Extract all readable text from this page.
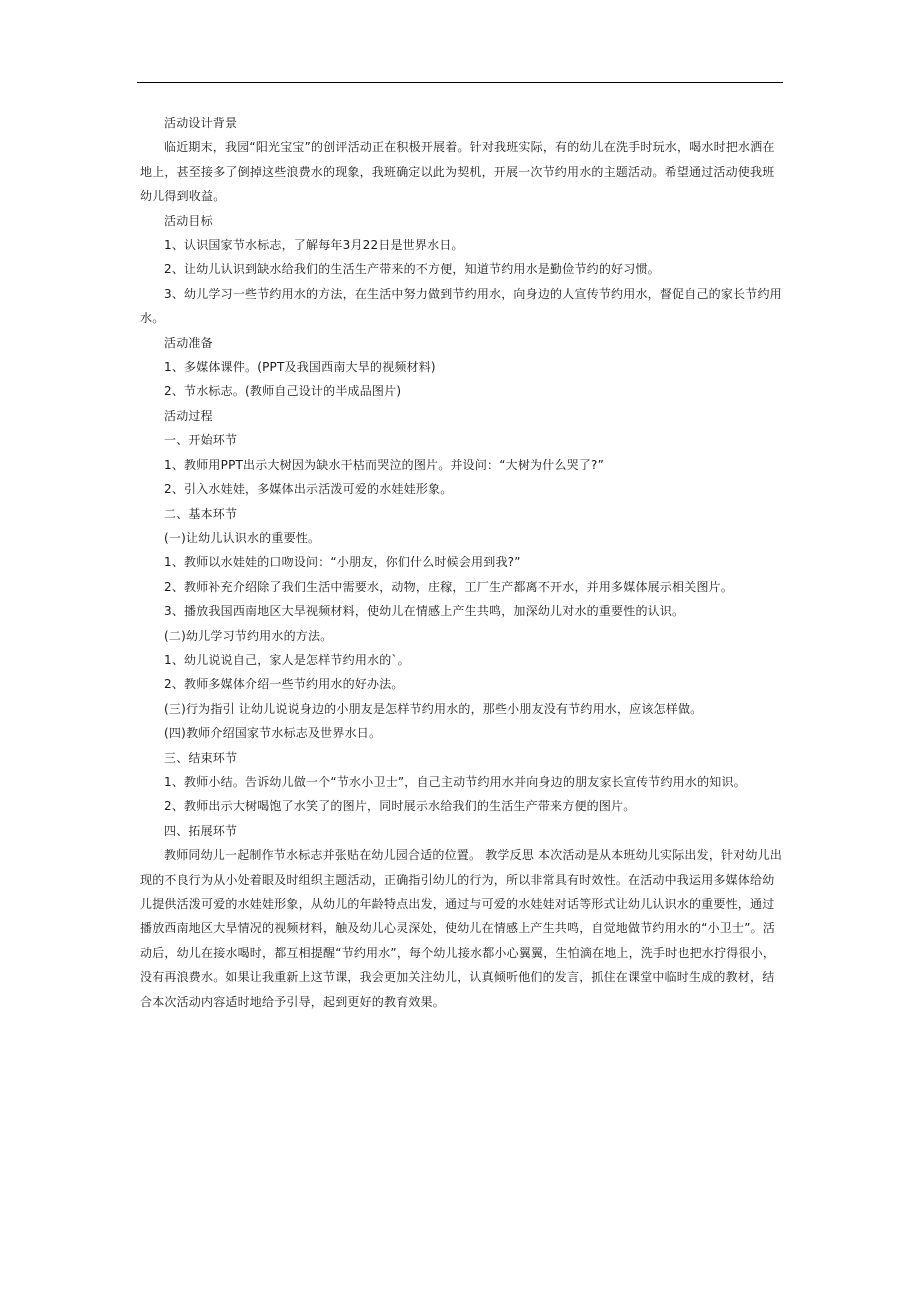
活动设计背景

临近期末，我园“阳光宝宝”的创评活动正在积极开展着。针对我班实际，有的幼儿在洗手时玩水，喝水时把水洒在地上，甚至接多了倒掉这些浪费水的现象，我班确定以此为契机，开展一次节约用水的主题活动。希望通过活动使我班幼儿得到收益。

活动目标

1、认识国家节水标志，了解每年3月22日是世界水日。

2、让幼儿认识到缺水给我们的生活生产带来的不方便，知道节约用水是勤俭节约的好习惯。

3、幼儿学习一些节约用水的方法，在生活中努力做到节约用水，向身边的人宣传节约用水，督促自己的家长节约用水。

活动准备

1、多媒体课件。(PPT及我国西南大旱的视频材料)

2、节水标志。(教师自己设计的半成品图片)

活动过程

一、开始环节

1、教师用PPT出示大树因为缺水干枯而哭泣的图片。并设问：“大树为什么哭了?”

2、引入水娃娃，多媒体出示活泼可爱的水娃娃形象。

二、基本环节

(一)让幼儿认识水的重要性。

1、教师以水娃娃的口吻设问：“小朋友，你们什么时候会用到我?”

2、教师补充介绍除了我们生活中需要水，动物，庄稼，工厂生产都离不开水，并用多媒体展示相关图片。

3、播放我国西南地区大旱视频材料，使幼儿在情感上产生共鸣，加深幼儿对水的重要性的认识。

(二)幼儿学习节约用水的方法。

1、幼儿说说自己，家人是怎样节约用水的`。

2、教师多媒体介绍一些节约用水的好办法。

(三)行为指引 让幼儿说说身边的小朋友是怎样节约用水的，那些小朋友没有节约用水，应该怎样做。

(四)教师介绍国家节水标志及世界水日。

三、结束环节

1、教师小结。告诉幼儿做一个“节水小卫士”，自己主动节约用水并向身边的朋友家长宣传节约用水的知识。

2、教师出示大树喝饱了水笑了的图片，同时展示水给我们的生活生产带来方便的图片。

四、拓展环节

教师同幼儿一起制作节水标志并张贴在幼儿园合适的位置。 教学反思 本次活动是从本班幼儿实际出发，针对幼儿出现的不良行为从小处着眼及时组织主题活动，正确指引幼儿的行为，所以非常具有时效性。在活动中我运用多媒体给幼儿提供活泼可爱的水娃娃形象，从幼儿的年龄特点出发，通过与可爱的水娃娃对话等形式让幼儿认识水的重要性，通过播放西南地区大旱情况的视频材料，触及幼儿心灵深处，使幼儿在情感上产生共鸣，自觉地做节约用水的“小卫士”。活动后，幼儿在接水喝时，都互相提醒“节约用水”，每个幼儿接水都小心翼翼，生怕滴在地上，洗手时也把水拧得很小，没有再浪费水。如果让我重新上这节课，我会更加关注幼儿，认真倾听他们的发言，抓住在课堂中临时生成的教材，结合本次活动内容适时地给予引导，起到更好的教育效果。
